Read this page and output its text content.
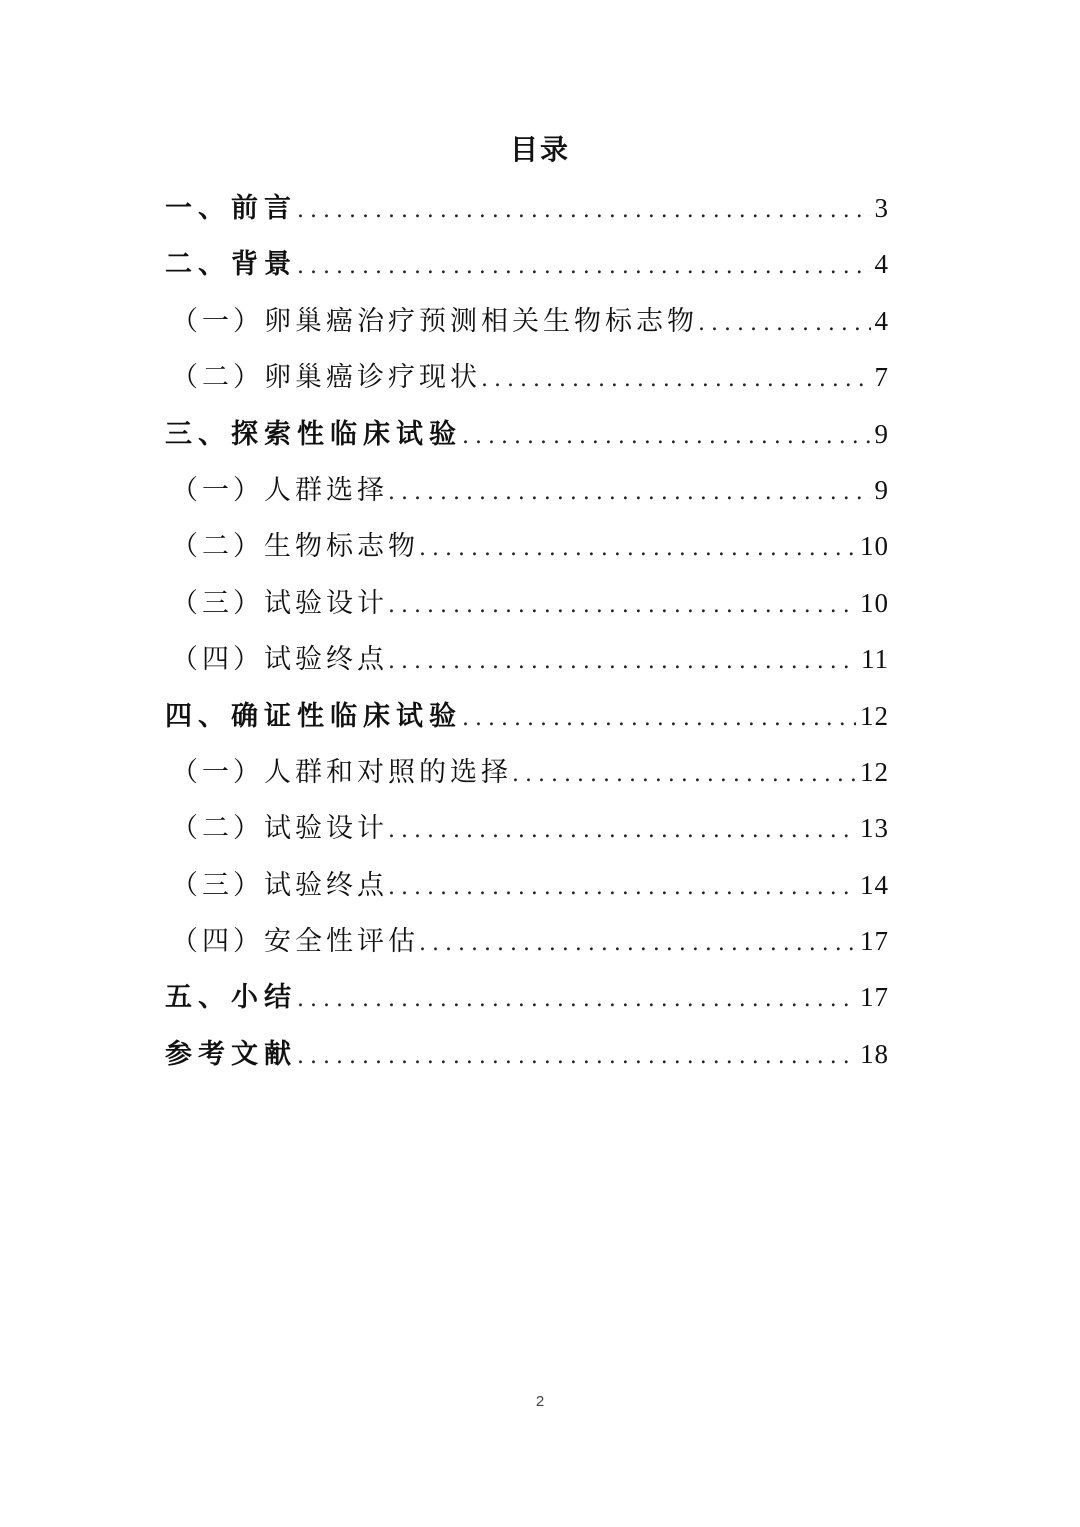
目录
一、前言 .....	3
二、背景 .....	4
（一）卵巢癌治疗预测相关生物标志物 .....	4
（二）卵巢癌诊疗现状 .....	7
三、探索性临床试验 .....	9
（一）人群选择 .....	9
（二）生物标志物 .....	10
（三）试验设计 .....	10
（四）试验终点 .....	11
四、确证性临床试验 .....	12
（一）人群和对照的选择 .....	12
（二）试验设计 .....	13
（三）试验终点 .....	14
（四）安全性评估 .....	17
五、小结 .....	17
参考文献 .....	18
2
